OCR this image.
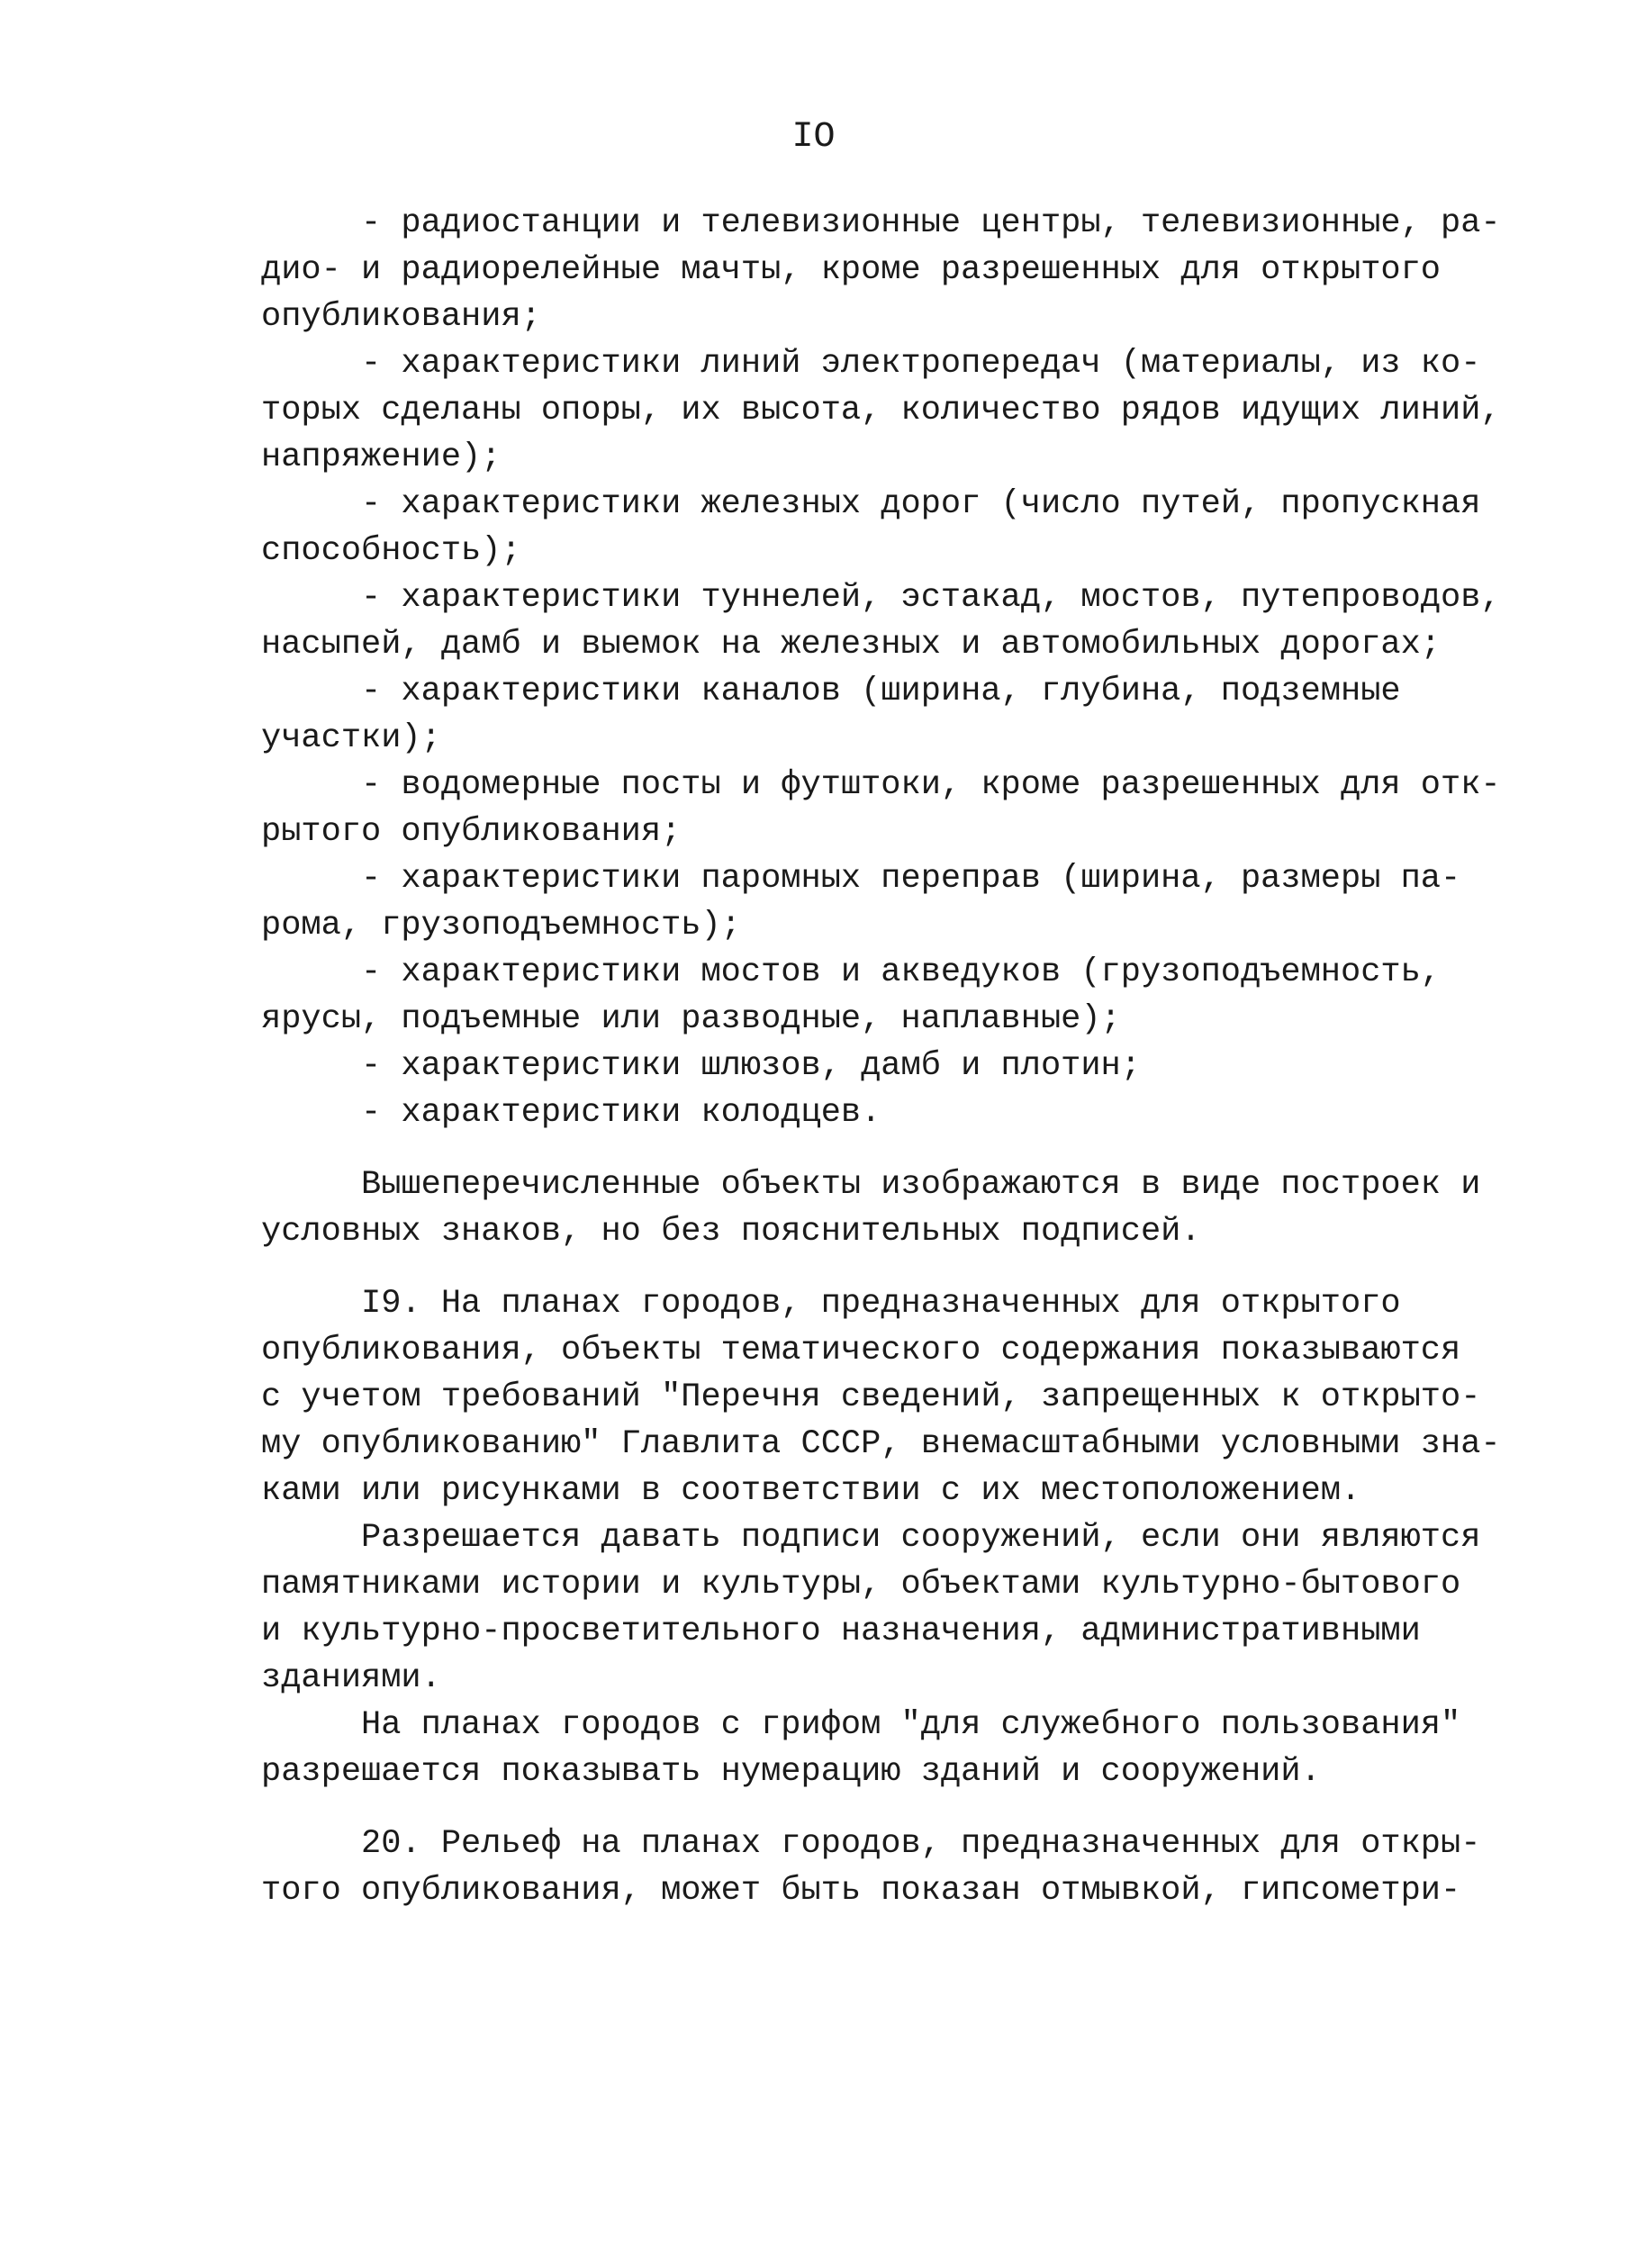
IO

- радиостанции и телевизионные центры, телевизионные, ра-
дио- и радиорелейные мачты, кроме разрешенных для открытого
опубликования;
- характеристики линий электропередач (материалы, из ко-
торых сделаны опоры, их высота, количество рядов идущих линий,
напряжение);
- характеристики железных дорог (число путей, пропускная
способность);
- характеристики туннелей, эстакад, мостов, путепроводов,
насыпей, дамб и выемок на железных и автомобильных дорогах;
- характеристики каналов (ширина, глубина, подземные
участки);
- водомерные посты и футштоки, кроме разрешенных для отк-
рытого опубликования;
- характеристики паромных переправ (ширина, размеры па-
рома, грузоподъемность);
- характеристики мостов и акведуков (грузоподъемность,
ярусы, подъемные или разводные, наплавные);
- характеристики шлюзов, дамб и плотин;
- характеристики колодцев.
Вышеперечисленные объекты изображаются в виде построек и
условных знаков, но без пояснительных подписей.
I9. На планах городов, предназначенных для открытого
опубликования, объекты тематического содержания показываются
с учетом требований "Перечня сведений, запрещенных к открыто-
му опубликованию" Главлита СССР, внемасштабными условными зна-
ками или рисунками в соответствии с их местоположением.
Разрешается давать подписи сооружений, если они являются
памятниками истории и культуры, объектами культурно-бытового
и культурно-просветительного назначения, административными
зданиями.
На планах городов с грифом "для служебного пользования"
разрешается показывать нумерацию зданий и сооружений.
20. Рельеф на планах городов, предназначенных для откры-
того опубликования, может быть показан отмывкой, гипсометри-
